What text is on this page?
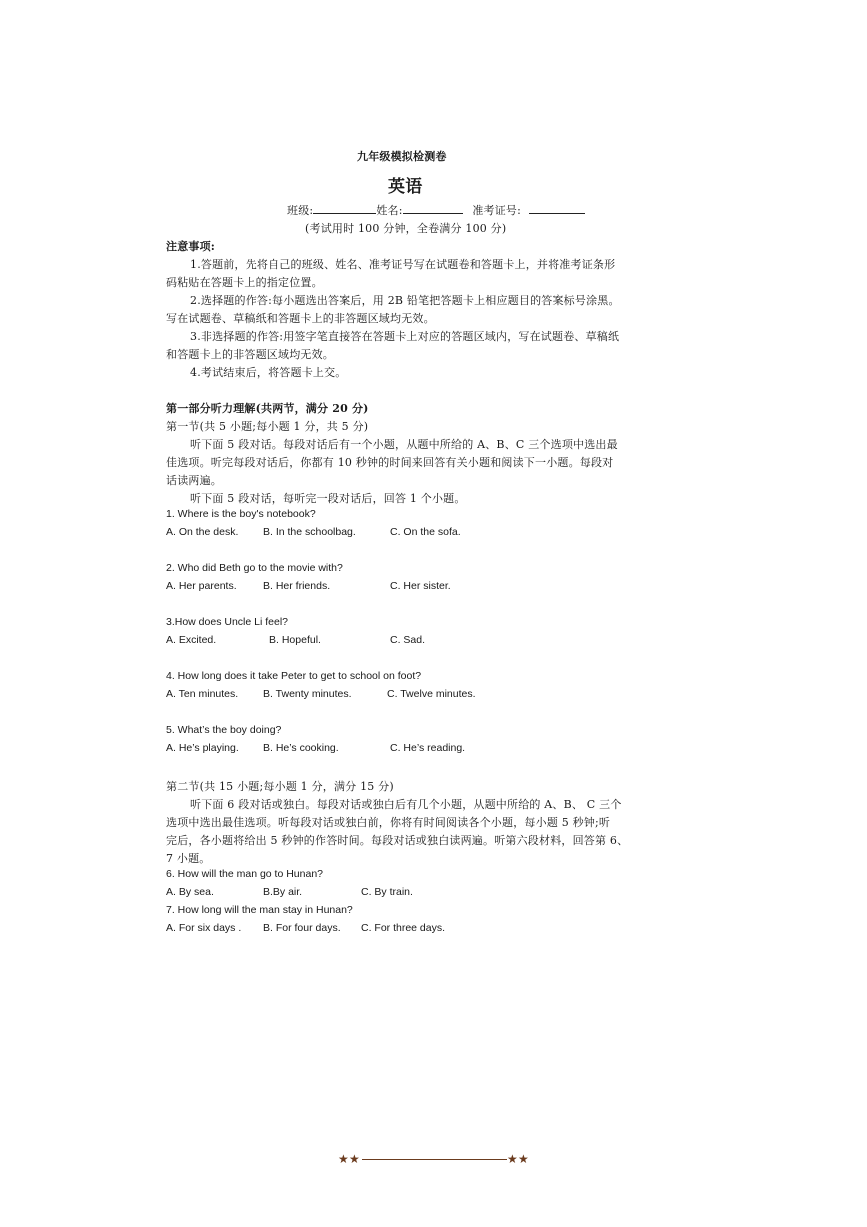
九年级模拟检测卷
英语
班级:	姓名:	准考证号:
(考试用时 100 分钟，全卷满分 100 分)
注意事项:
1.答题前，先将自己的班级、姓名、准考证号写在试题卷和答题卡上，并将准考证条形
码粘贴在答题卡上的指定位置。
2.选择题的作答:每小题选出答案后，用 2B 铅笔把答题卡上相应题目的答案标号涂黑。
写在试题卷、草稿纸和答题卡上的非答题区域均无效。
3.非选择题的作答:用签字笔直接答在答题卡上对应的答题区域内，写在试题卷、草稿纸
和答题卡上的非答题区域均无效。
4.考试结束后，将答题卡上交。
第一部分听力理解(共两节，满分 20 分)
第一节(共 5 小题;每小题 1 分，共 5 分)
听下面 5 段对话。每段对话后有一个小题，从题中所给的 A、B、C 三个选项中选出最
佳选项。听完每段对话后，你都有 10 秒钟的时间来回答有关小题和阅读下一小题。每段对
话读两遍。
听下面 5 段对话，每听完一段对话后，回答 1 个小题。
1. Where is the boy's notebook?
A. On the desk. B. In the schoolbag.	C. On the sofa.
2. Who did Beth go to the movie with?
A. Her parents.	B. Her friends.	C. Her sister.
3.How does Uncle Li feel?
A. Excited.	B. Hopeful.	C. Sad.
4. How long does it take Peter to get to school on foot?
A. Ten minutes. B. Twenty minutes.	C. Twelve minutes.
5. What’s the boy doing?
A. He’s playing. B. He’s cooking.	C. He’s reading.
第二节(共 15 小题;每小题 1 分，满分 15 分)
听下面 6 段对话或独白。每段对话或独白后有几个小题，从题中所给的 A、B、 C 三个
选项中选出最佳选项。听每段对话或独白前，你将有时间阅读各个小题，每小题 5 秒钟;听
完后，各小题将给出 5 秒钟的作答时间。每段对话或独白读两遍。听第六段材料，回答第 6、
7 小题。
6. How will the man go to Hunan?
A. By sea.	B.By air.	C. By train.
7. How long will the man stay in Hunan?
A. For six days . B. For four days. C. For three days.
★ ★	★ ★
